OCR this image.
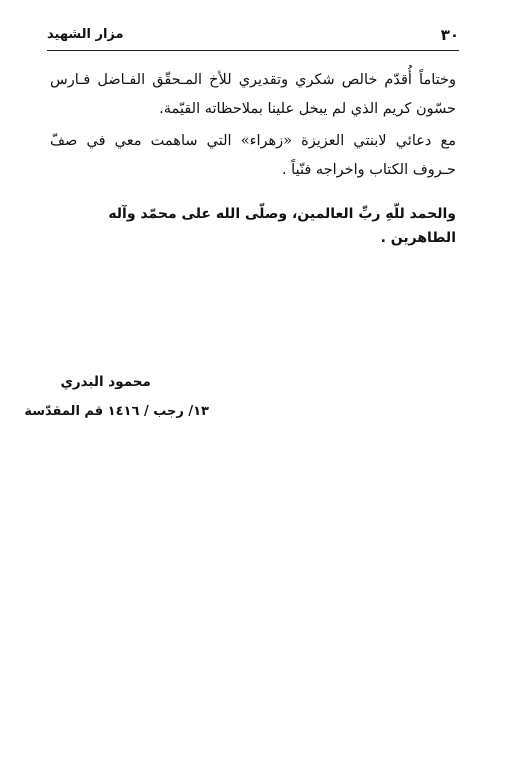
٣٠
مزار الشهيد

وختاماً أُقدّم خالص شكري وتقديري للأخ المـحقّق الفـاضل فـارس حسّون كريم الذي لم يبخل علينا بملاحظاته القيّمة.

مع دعائي لابنتي العزيزة «زهراء» التي ساهمت معي في صفّ حـروف الكتاب واخراجه فنّياً .

والحمد للّهِ ربِّ العالمين، وصلّى الله على محمّد وآله الطاهرين .
محمود البدري
١٣/ رجب / ١٤١٦ قم المقدّسة
